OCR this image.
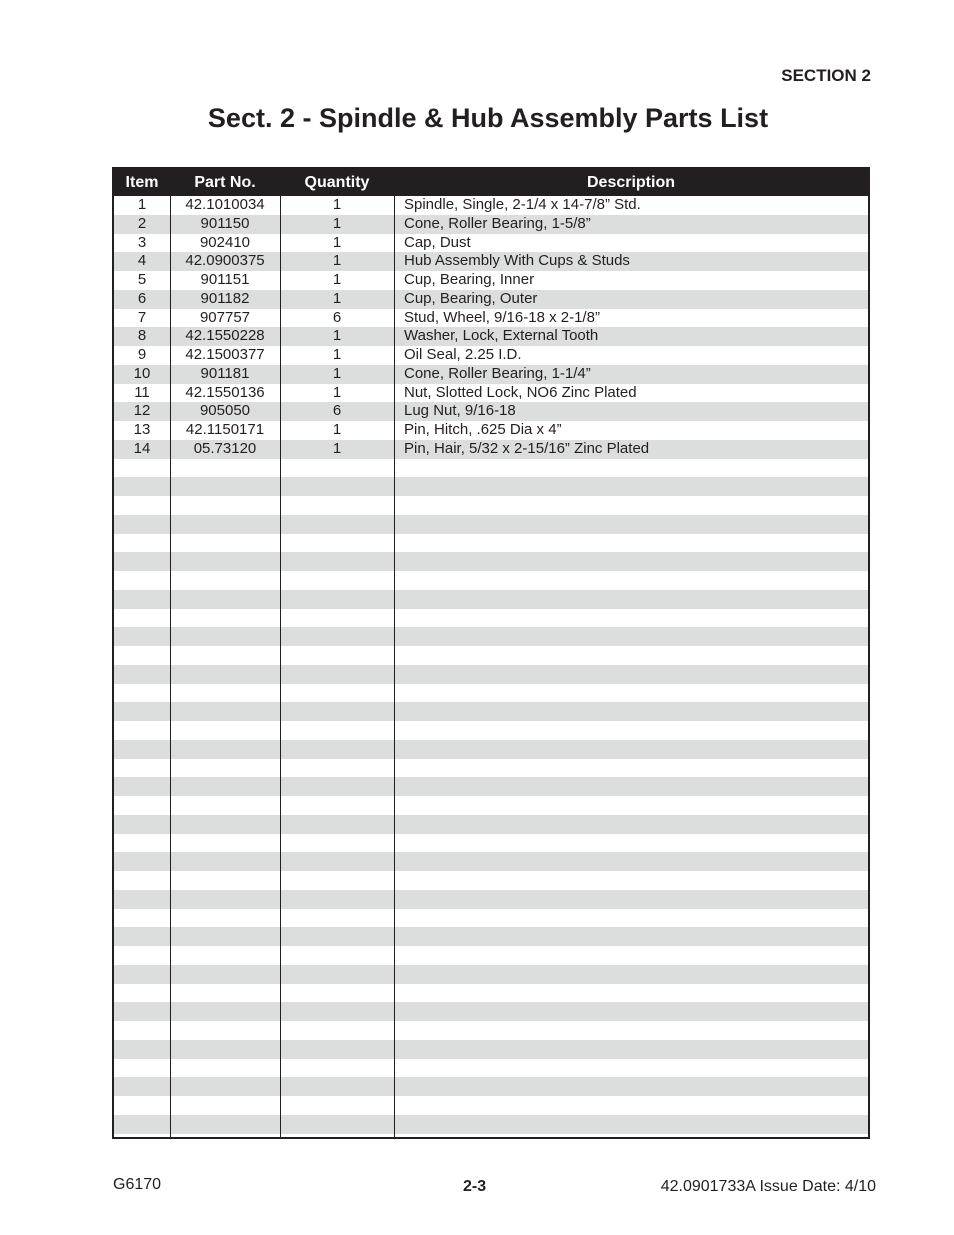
SECTION 2
Sect. 2 - Spindle & Hub Assembly Parts List
Item	Part No.	Quantity	Description
1	42.1010034	1	Spindle, Single, 2-1/4 x 14-7/8” Std.
2	901150	1	Cone, Roller Bearing, 1-5/8”
3	902410	1	Cap, Dust
4	42.0900375	1	Hub Assembly With Cups & Studs
5	901151	1	Cup, Bearing, Inner
6	901182	1	Cup, Bearing, Outer
7	907757	6	Stud, Wheel, 9/16-18 x 2-1/8”
8	42.1550228	1	Washer, Lock, External Tooth
9	42.1500377	1	Oil Seal, 2.25 I.D.
10	901181	1	Cone, Roller Bearing, 1-1/4”
11	42.1550136	1	Nut, Slotted Lock, NO6 Zinc Plated
12	905050	6	Lug Nut, 9/16-18
13	42.1150171	1	Pin, Hitch, .625 Dia x 4”
14	05.73120	1	Pin, Hair, 5/32 x 2-15/16” Zinc Plated
G6170	2-3	42.0901733A Issue Date: 4/10
